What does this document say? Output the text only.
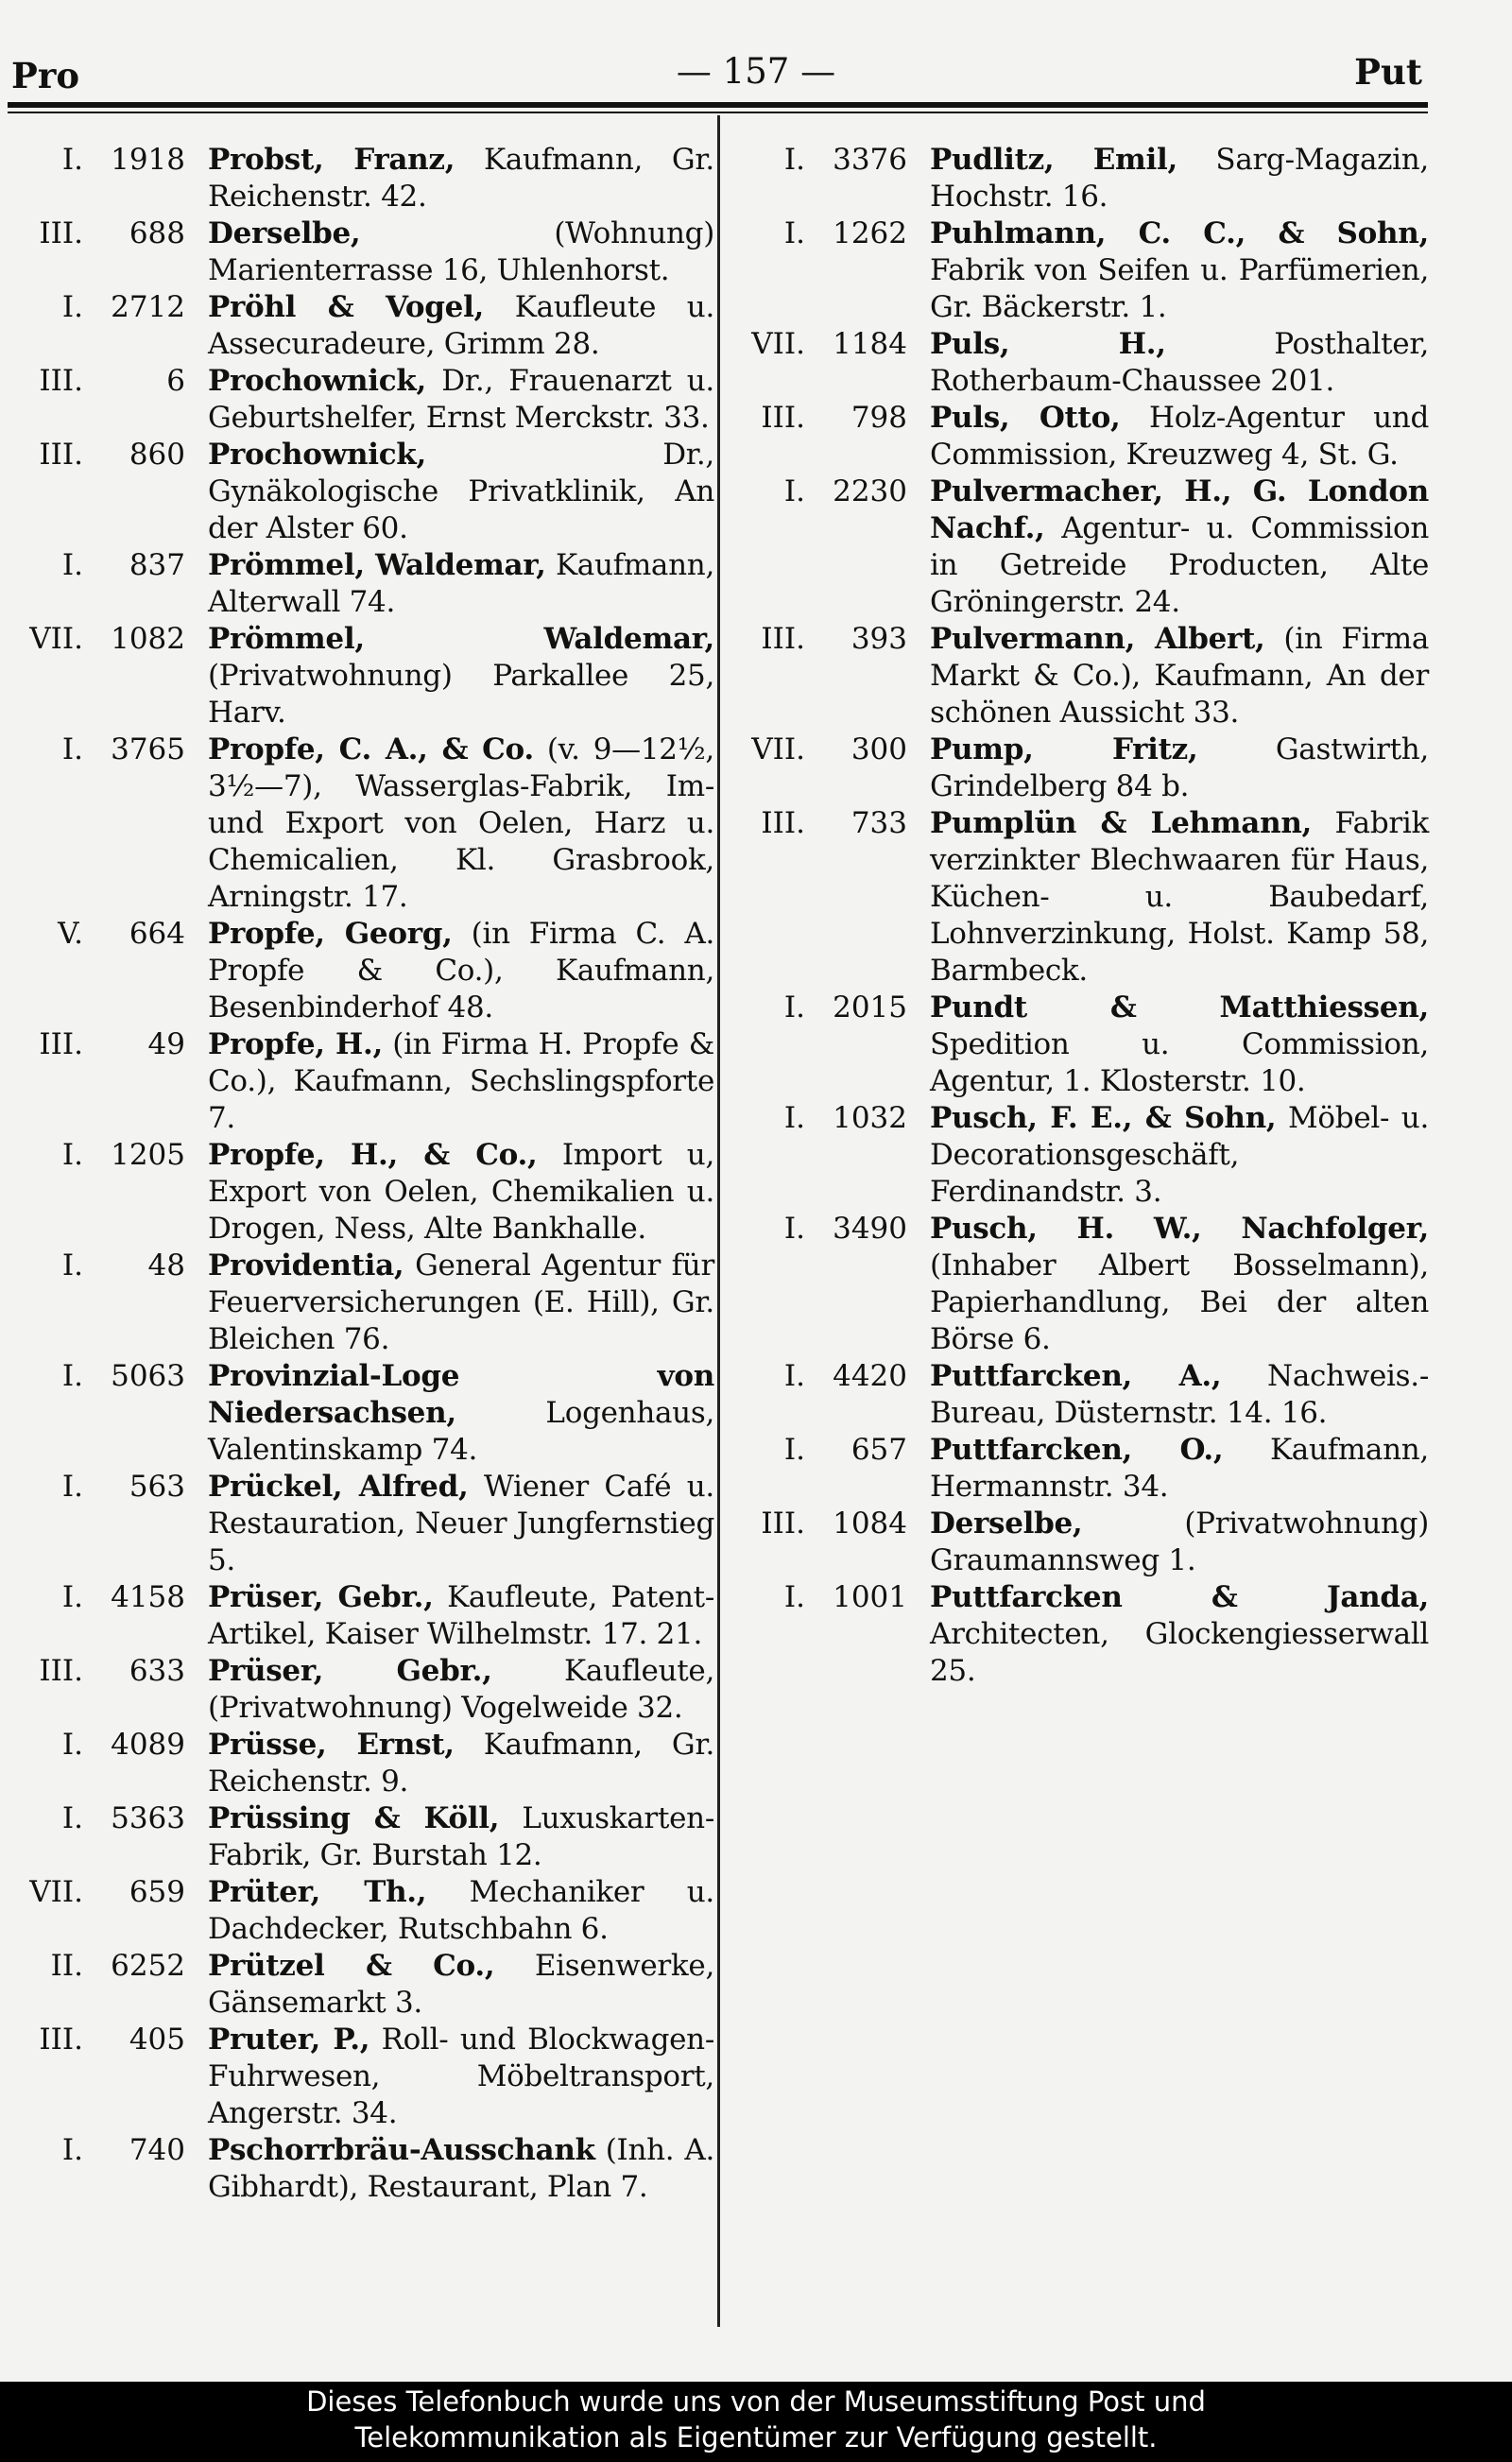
Pro	— 157 —	Put
I. 1918 Probst, Franz, Kaufmann, Gr. Reichenstr. 42.
III. 688 Derselbe, (Wohnung) Marienterrasse 16, Uhlenhorst.
I. 2712 Pröhl & Vogel, Kaufleute u. Assecuradeure, Grimm 28.
III.	6 Prochownick, Dr., Frauenarzt u. Geburtshelfer, Ernst Merckstr. 33.
III. 860 Prochownick, Dr., Gynäkologische Privatklinik, An der Alster 60.
I. 837 Prömmel, Waldemar, Kaufmann, Alterwall 74.
VII. 1082 Prömmel, Waldemar, (Privatwohnung) Parkallee 25, Harv.
I. 3765 Propfe, C. A., & Co. (v. 9—12½, 3½—7), Wasserglas-Fabrik, Im- und Export von Oelen, Harz u. Chemicalien, Kl. Grasbrook, Arningstr. 17.
V. 664 Propfe, Georg, (in Firma C. A. Propfe & Co.), Kaufmann, Besenbinderhof 48.
III. 49 Propfe, H., (in Firma H. Propfe & Co.), Kaufmann, Sechslingspforte 7.
I. 1205 Propfe, H., & Co., Import u, Export von Oelen, Chemikalien u. Drogen, Ness, Alte Bankhalle.
I. 48 Providentia, General Agentur für Feuerversicherungen (E. Hill), Gr. Bleichen 76.
I. 5063 Provinzial-Loge von Niedersachsen, Logenhaus, Valentinskamp 74.
I. 563 Prückel, Alfred, Wiener Café u. Restauration, Neuer Jungfernstieg 5.
I. 4158 Prüser, Gebr., Kaufleute, Patent-Artikel, Kaiser Wilhelmstr. 17. 21.
III. 633 Prüser, Gebr., Kaufleute, (Privatwohnung) Vogelweide 32.
I. 4089 Prüsse, Ernst, Kaufmann, Gr. Reichenstr. 9.
I. 5363 Prüssing & Köll, Luxuskarten-Fabrik, Gr. Burstah 12.
VII. 659 Prüter, Th., Mechaniker u. Dachdecker, Rutschbahn 6.
II. 6252 Prützel & Co., Eisenwerke, Gänsemarkt 3.
III. 405 Pruter, P., Roll- und Blockwagen-Fuhrwesen, Möbeltransport, Angerstr. 34.
I. 740 Pschorrbräu-Ausschank (Inh. A. Gibhardt), Restaurant, Plan 7.
I. 3376 Pudlitz, Emil, Sarg-Magazin, Hochstr. 16.
I. 1262 Puhlmann, C. C., & Sohn, Fabrik von Seifen u. Parfümerien, Gr. Bäckerstr. 1.
VII. 1184 Puls, H., Posthalter, Rotherbaum-Chaussee 201.
III. 798 Puls, Otto, Holz-Agentur und Commission, Kreuzweg 4, St. G.
I. 2230 Pulvermacher, H., G. London Nachf., Agentur- u. Commission in Getreide Producten, Alte Gröningerstr. 24.
III. 393 Pulvermann, Albert, (in Firma Markt & Co.), Kaufmann, An der schönen Aussicht 33.
VII. 300 Pump, Fritz, Gastwirth, Grindelberg 84 b.
III. 733 Pumplün & Lehmann, Fabrik verzinkter Blechwaaren für Haus, Küchen- u. Baubedarf, Lohnverzinkung, Holst. Kamp 58, Barmbeck.
I. 2015 Pundt & Matthiessen, Spedition u. Commission, Agentur, 1. Klosterstr. 10.
I. 1032 Pusch, F. E., & Sohn, Möbel- u. Decorationsgeschäft, Ferdinandstr. 3.
I. 3490 Pusch, H. W., Nachfolger, (Inhaber Albert Bosselmann), Papierhandlung, Bei der alten Börse 6.
I. 4420 Puttfarcken, A., Nachweis.-Bureau, Düsternstr. 14. 16.
I. 657 Puttfarcken, O., Kaufmann, Hermannstr. 34.
III. 1084 Derselbe, (Privatwohnung) Graumannsweg 1.
I. 1001 Puttfarcken & Janda, Architecten, Glockengiesserwall 25.
Dieses Telefonbuch wurde uns von der Museumsstiftung Post und
Telekommunikation als Eigentümer zur Verfügung gestellt.
